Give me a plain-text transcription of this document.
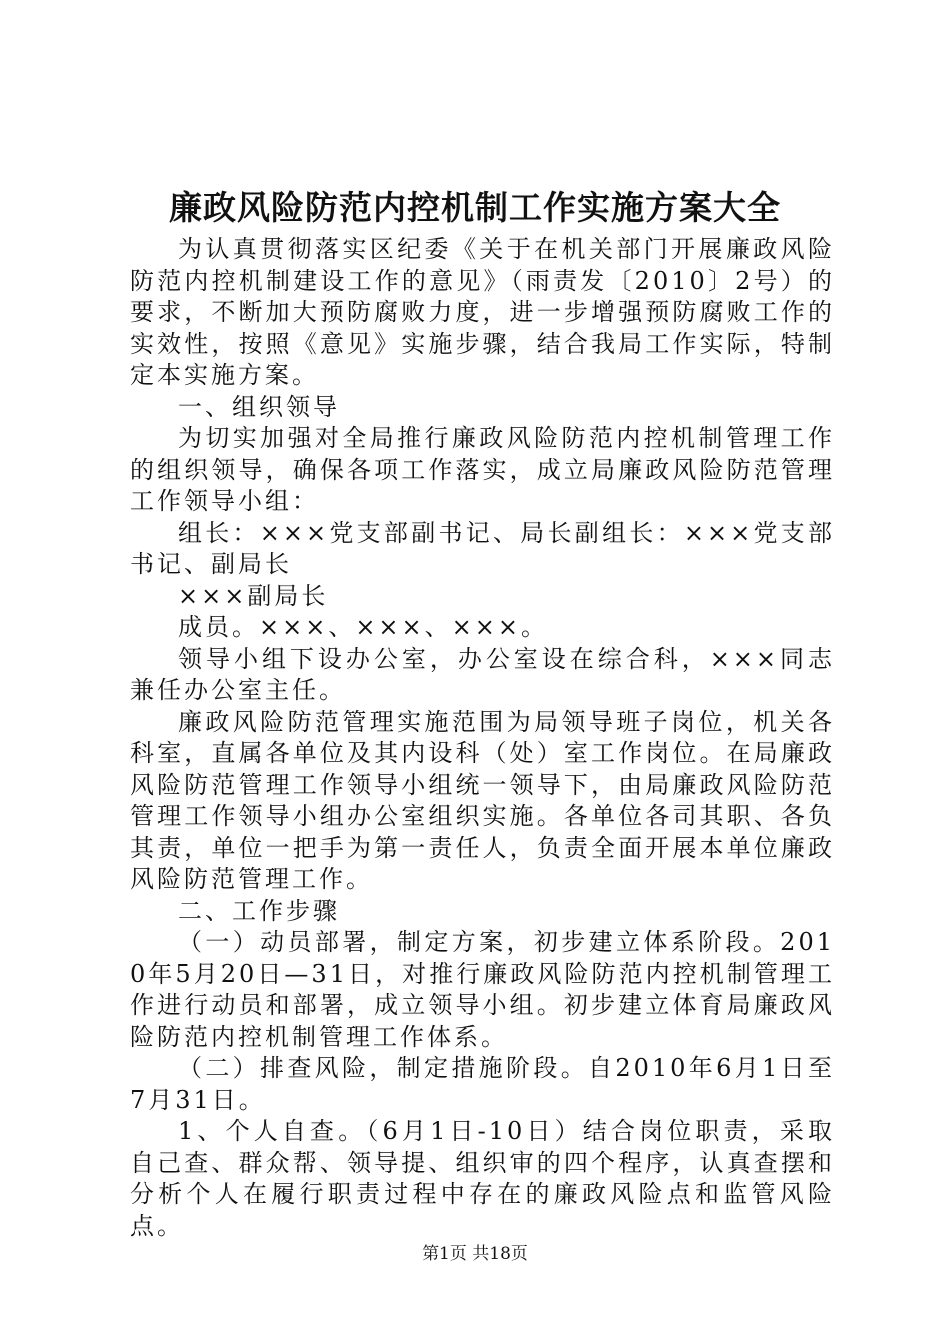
廉政风险防范内控机制工作实施方案大全

为认真贯彻落实区纪委《关于在机关部门开展廉政风险防范内控机制建设工作的意见》（雨责发〔2010〕2号）的要求，不断加大预防腐败力度，进一步增强预防腐败工作的实效性，按照《意见》实施步骤，结合我局工作实际，特制定本实施方案。

一、组织领导

为切实加强对全局推行廉政风险防范内控机制管理工作的组织领导，确保各项工作落实，成立局廉政风险防范管理工作领导小组：

组长：×××党支部副书记、局长副组长：×××党支部书记、副局长

×××副局长

成员。×××、×××、×××。

领导小组下设办公室，办公室设在综合科，×××同志兼任办公室主任。

廉政风险防范管理实施范围为局领导班子岗位，机关各科室，直属各单位及其内设科（处）室工作岗位。在局廉政风险防范管理工作领导小组统一领导下，由局廉政风险防范管理工作领导小组办公室组织实施。各单位各司其职、各负其责，单位一把手为第一责任人，负责全面开展本单位廉政风险防范管理工作。

二、工作步骤

（一）动员部署，制定方案，初步建立体系阶段。2010年5月20日—31日，对推行廉政风险防范内控机制管理工作进行动员和部署，成立领导小组。初步建立体育局廉政风险防范内控机制管理工作体系。

（二）排查风险，制定措施阶段。自2010年6月1日至7月31日。

1、个人自查。（6月1日-10日）结合岗位职责，采取自己查、群众帮、领导提、组织审的四个程序，认真查摆和分析个人在履行职责过程中存在的廉政风险点和监管风险点。

第1页 共18页
